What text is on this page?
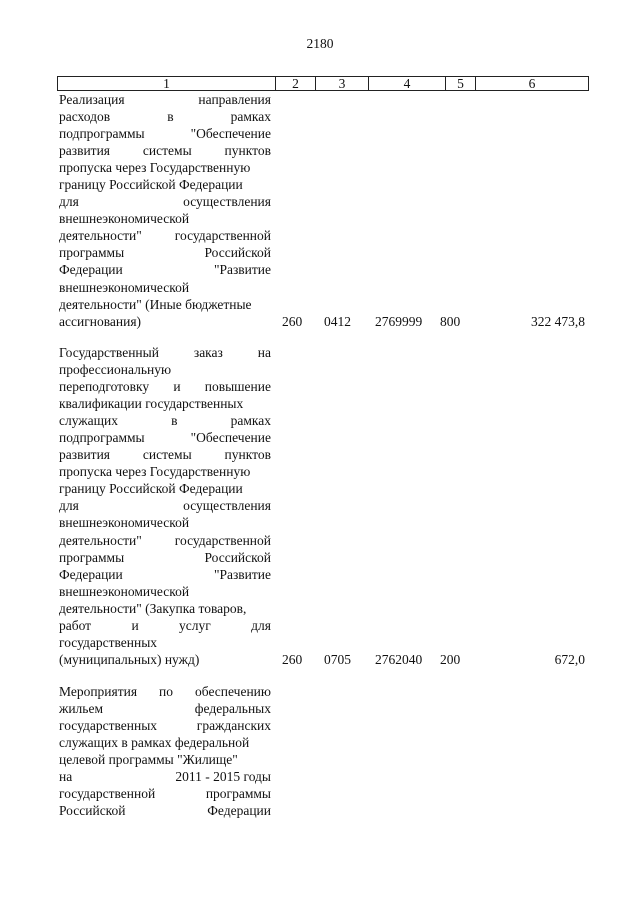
2180
1	2	3	4	5	6
Реализация	направления
расходов	в	рамках
подпрограммы	"Обеспечение
развития системы пунктов
пропуска через Государственную
границу Российской Федерации
для	осуществления
внешнеэкономической
деятельности" государственной
программы	Российской
Федерации	"Развитие
внешнеэкономической
деятельности" (Иные бюджетные
ассигнования)	260 0412 2769999 800	322 473,8
Государственный	заказ	на
профессиональную
переподготовку и повышение
квалификации государственных
служащих	в	рамках
подпрограммы	"Обеспечение
развития системы пунктов
пропуска через Государственную
границу Российской Федерации
для	осуществления
внешнеэкономической
деятельности" государственной
программы	Российской
Федерации	"Развитие
внешнеэкономической
деятельности" (Закупка товаров,
работ	и	услуг	для
государственных
(муниципальных) нужд)	260 0705 2762040 200	672,0
Мероприятия по обеспечению
жильем	федеральных
государственных	гражданских
служащих в рамках федеральной
целевой программы "Жилище"
на	2011 - 2015 годы
государственной	программы
Российской	Федерации
